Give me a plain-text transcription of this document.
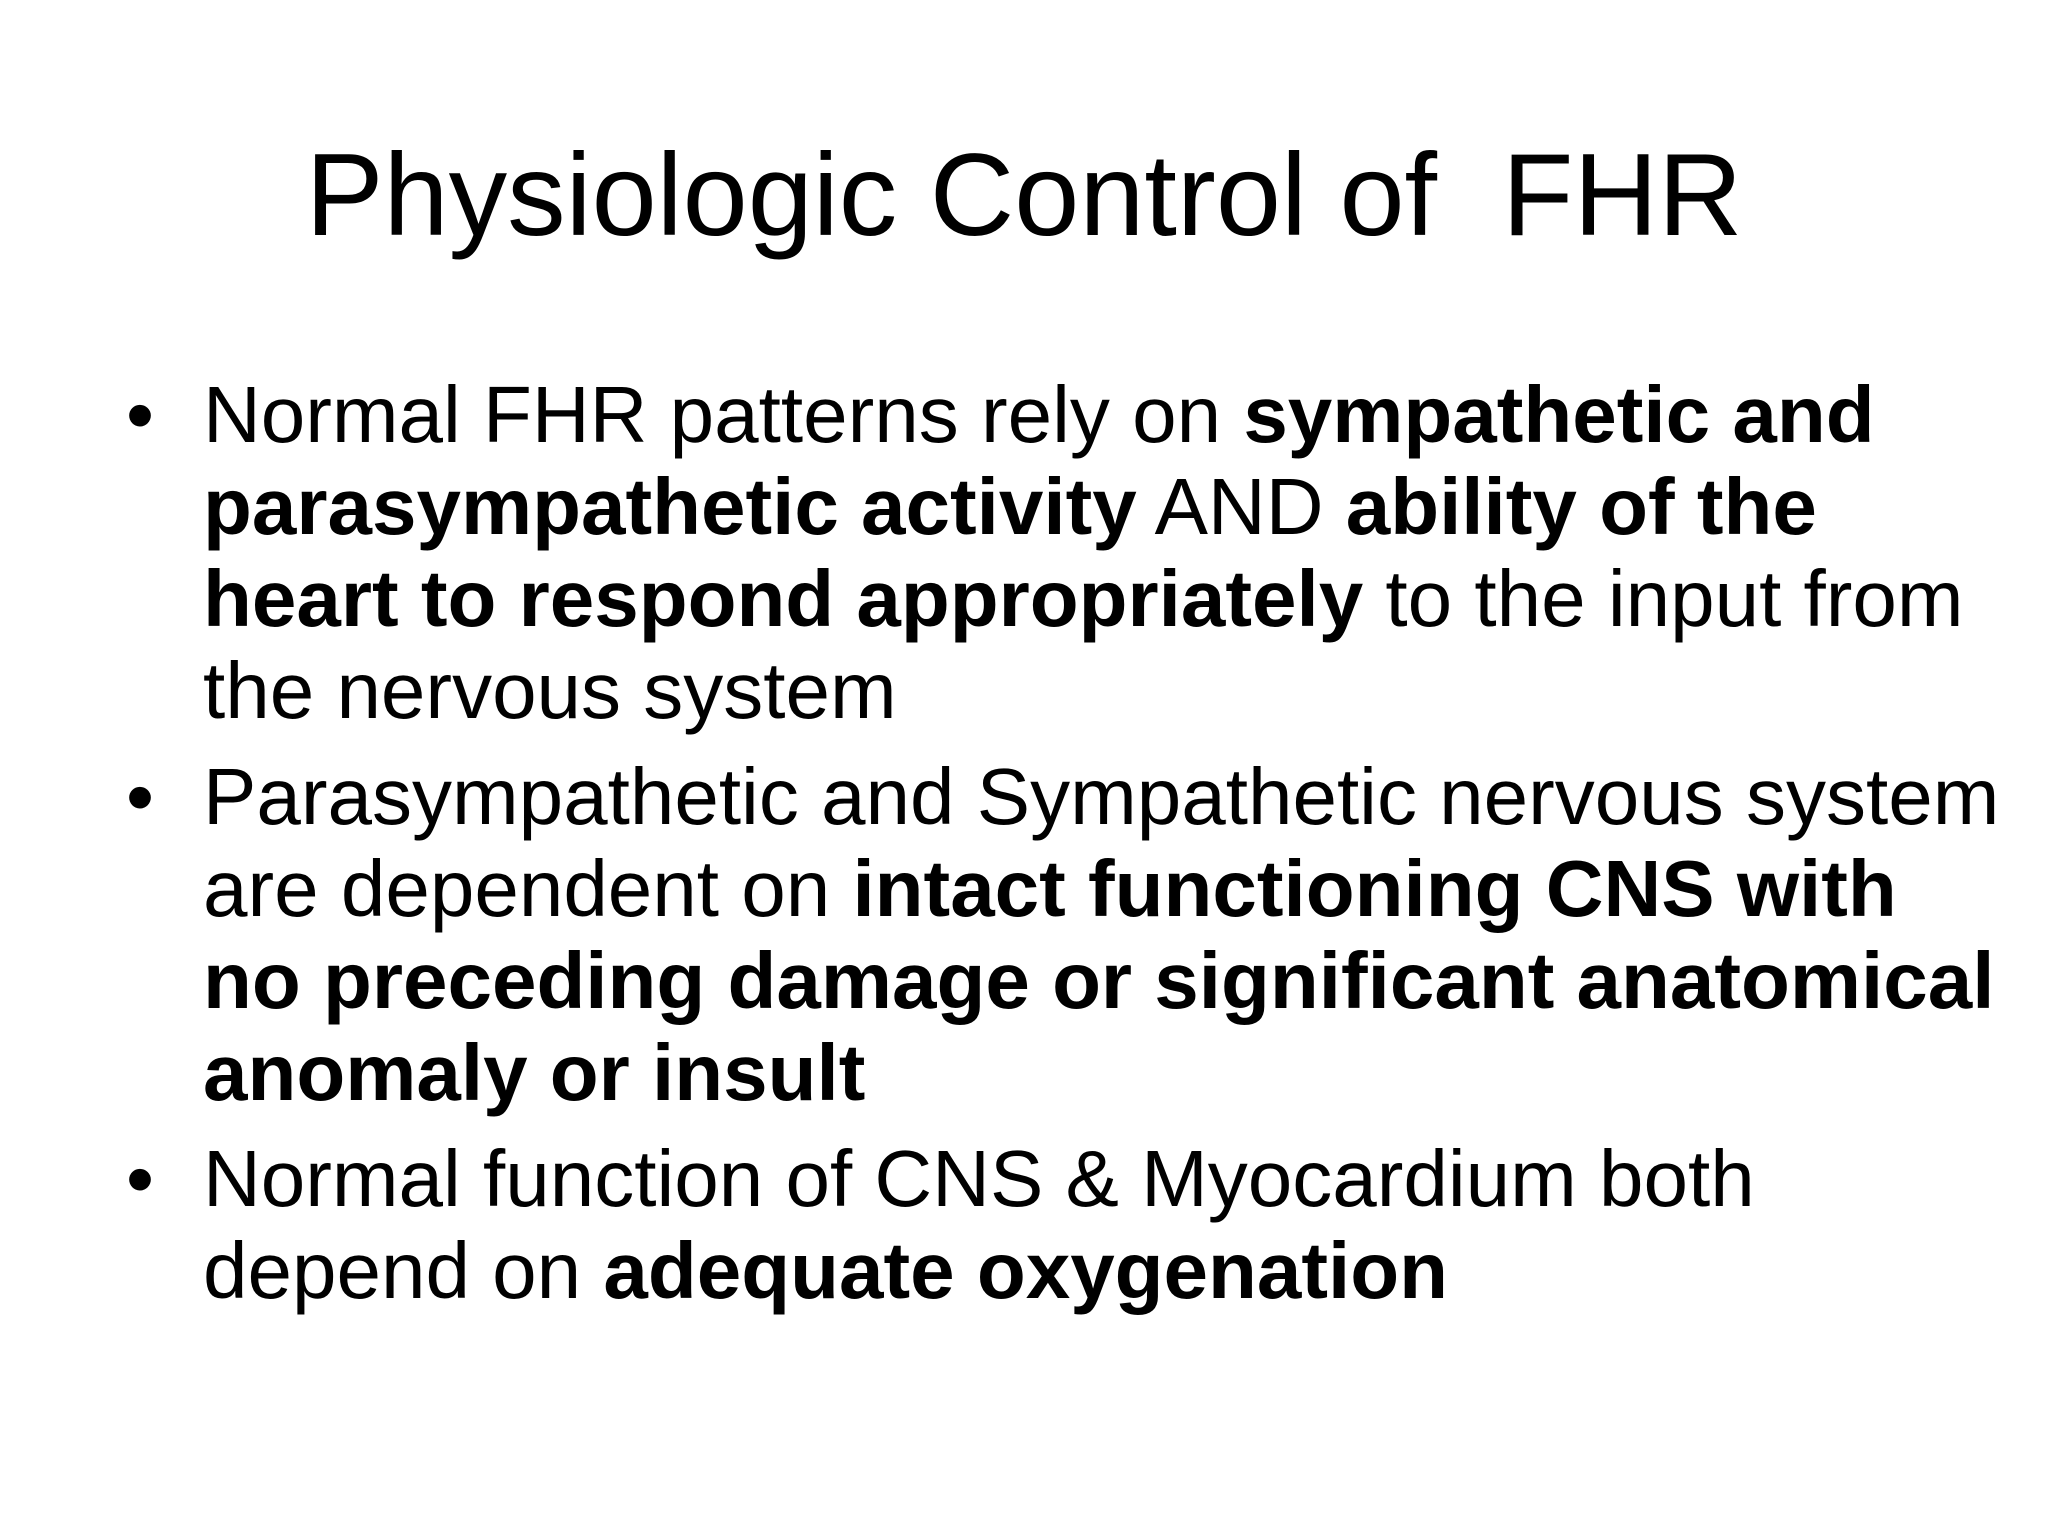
Physiologic Control of  FHR
• Normal FHR patterns rely on sympathetic and parasympathetic activity AND ability of the heart to respond appropriately to the input from the nervous system
• Parasympathetic and Sympathetic nervous system are dependent on intact functioning CNS with no preceding damage or significant anatomical anomaly or insult
• Normal function of CNS & Myocardium both depend on adequate oxygenation
